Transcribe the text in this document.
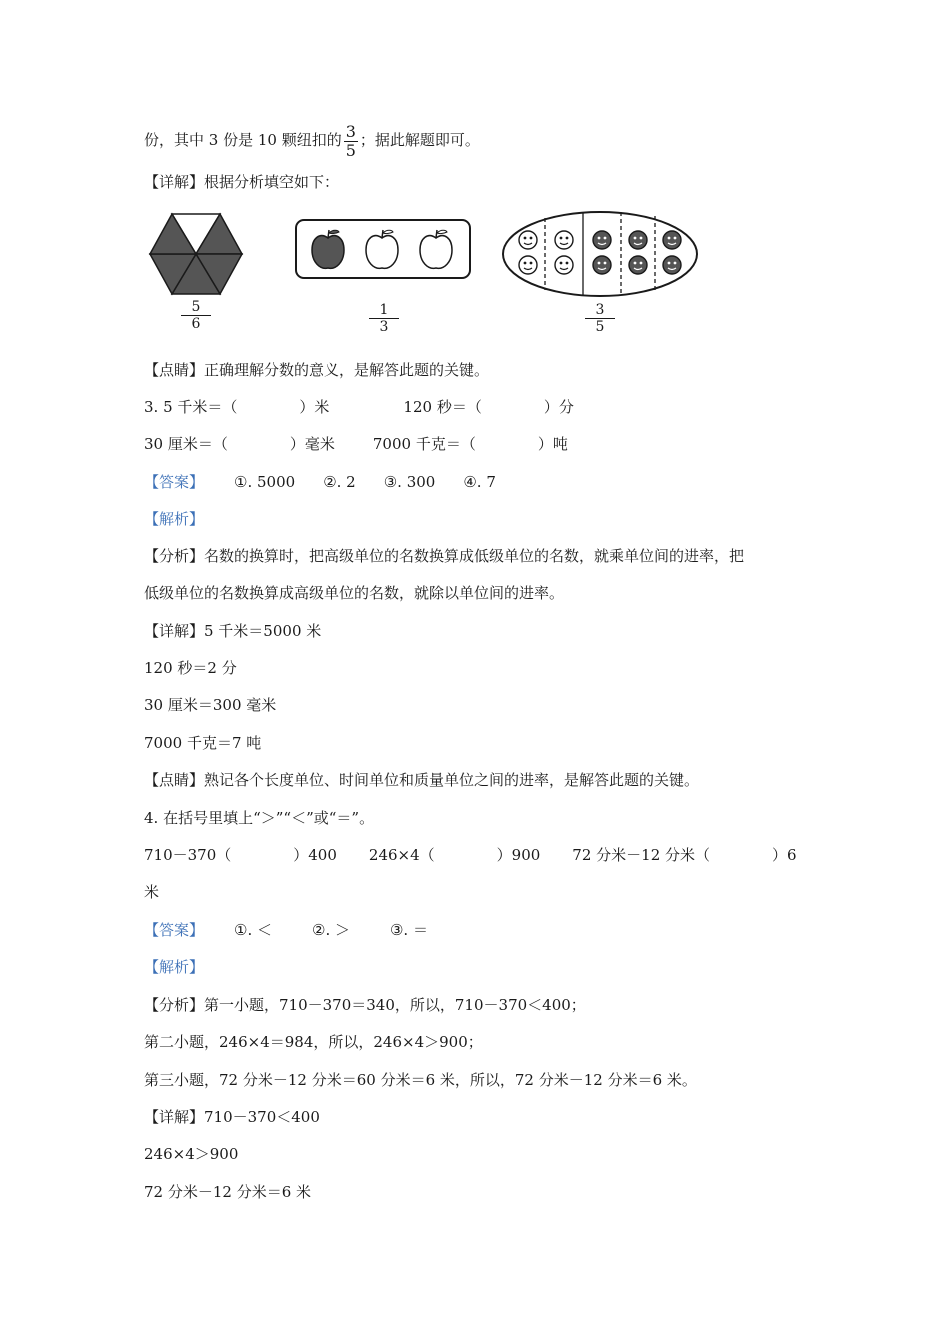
份，其中 3 份是 10 颗纽扣的 $\frac{3}{5}$ ；据此解题即可。
【详解】根据分析填空如下：
$\frac{5}{6}$	$\frac{1}{3}$	$\frac{3}{5}$
【点睛】正确理解分数的意义，是解答此题的关键。
3. 5 千米＝（	）米	120 秒＝（	）分
30 厘米＝（	）毫米	7000 千克＝（	）吨
【答案】 ①. 5000 ②. 2 ③. 300 ④. 7
【解析】
【分析】名数的换算时，把高级单位的名数换算成低级单位的名数，就乘单位间的进率，把
低级单位的名数换算成高级单位的名数，就除以单位间的进率。
【详解】5 千米＝5000 米
120 秒＝2 分
30 厘米＝300 毫米
7000 千克＝7 吨
【点睛】熟记各个长度单位、时间单位和质量单位之间的进率，是解答此题的关键。
4. 在括号里填上“＞”“＜”或“＝”。
710－370（	）400 246×4（	）900 72 分米－12 分米（	）6
米
【答案】 ①. ＜	②. ＞	③. ＝
【解析】
【分析】第一小题，710－370＝340，所以，710－370＜400；
第二小题，246×4＝984，所以，246×4＞900；
第三小题，72 分米－12 分米＝60 分米＝6 米，所以，72 分米－12 分米＝6 米。
【详解】710－370＜400
246×4＞900
72 分米－12 分米＝6 米
